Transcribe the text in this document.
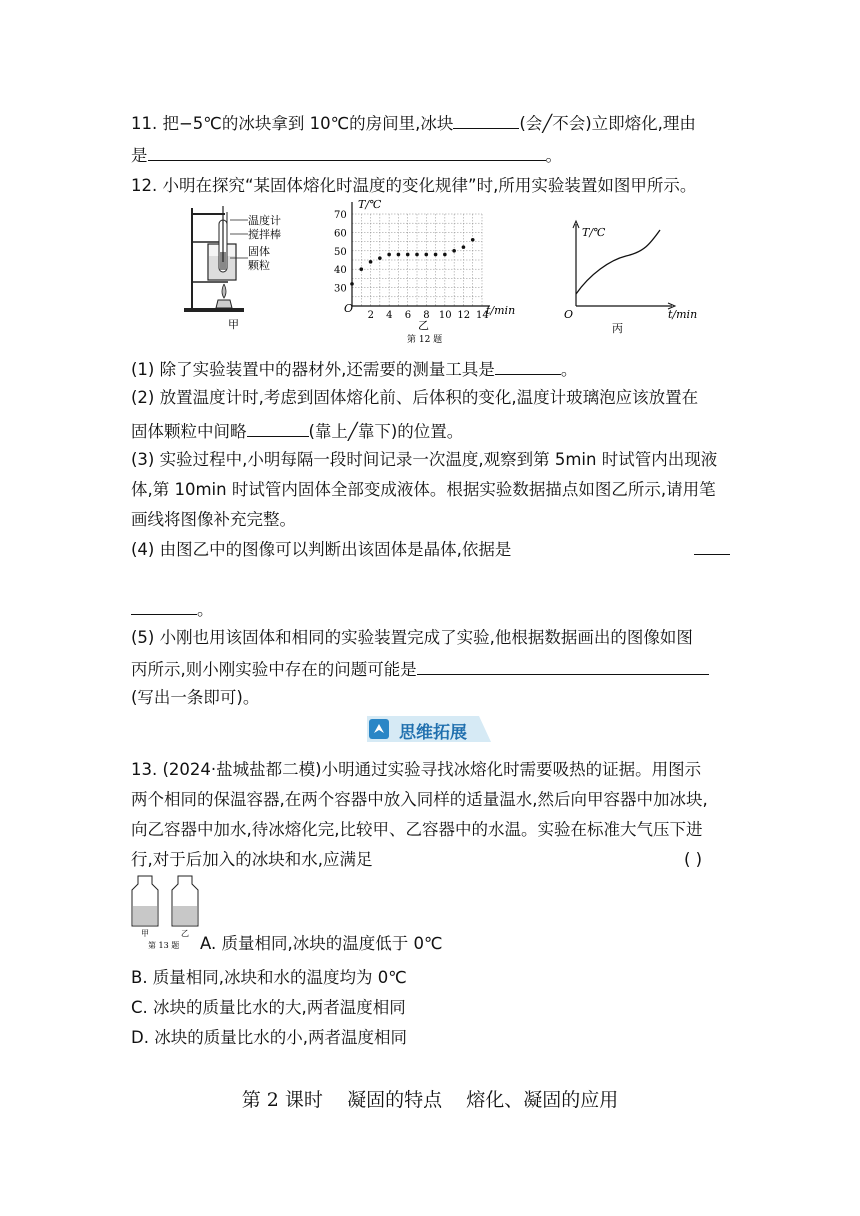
11. 把−5℃的冰块拿到 10℃的房间里,冰块	(会╱不会)立即熔化,理由
是	。
12. 小明在探究“某固体熔化时温度的变化规律”时,所用实验装置如图甲所示。
温度计
搅拌棒
固体
颗粒
甲
T/℃
t/min
O
乙
第 12 题
30
40
50
60
70
2 4 6 8 10 12 14
T/℃
t/min
O
丙
(1) 除了实验装置中的器材外,还需要的测量工具是	。
(2) 放置温度计时,考虑到固体熔化前、后体积的变化,温度计玻璃泡应该放置在
固体颗粒中间略	(靠上╱靠下)的位置。
(3) 实验过程中,小明每隔一段时间记录一次温度,观察到第 5min 时试管内出现液
体,第 10min 时试管内固体全部变成液体。根据实验数据描点如图乙所示,请用笔
画线将图像补充完整。
(4) 由图乙中的图像可以判断出该固体是晶体,依据是
。
(5) 小刚也用该固体和相同的实验装置完成了实验,他根据数据画出的图像如图
丙所示,则小刚实验中存在的问题可能是
(写出一条即可)。
思维拓展
13. (2024·盐城盐都二模)小明通过实验寻找冰熔化时需要吸热的证据。用图示
两个相同的保温容器,在两个容器中放入同样的适量温水,然后向甲容器中加冰块,
向乙容器中加水,待冰熔化完,比较甲、乙容器中的水温。实验在标准大气压下进
行,对于后加入的冰块和水,应满足	( )
甲	乙
第 13 题 A. 质量相同,冰块的温度低于 0℃
B. 质量相同,冰块和水的温度均为 0℃
C. 冰块的质量比水的大,两者温度相同
D. 冰块的质量比水的小,两者温度相同
第 2 课时    凝固的特点    熔化、凝固的应用
